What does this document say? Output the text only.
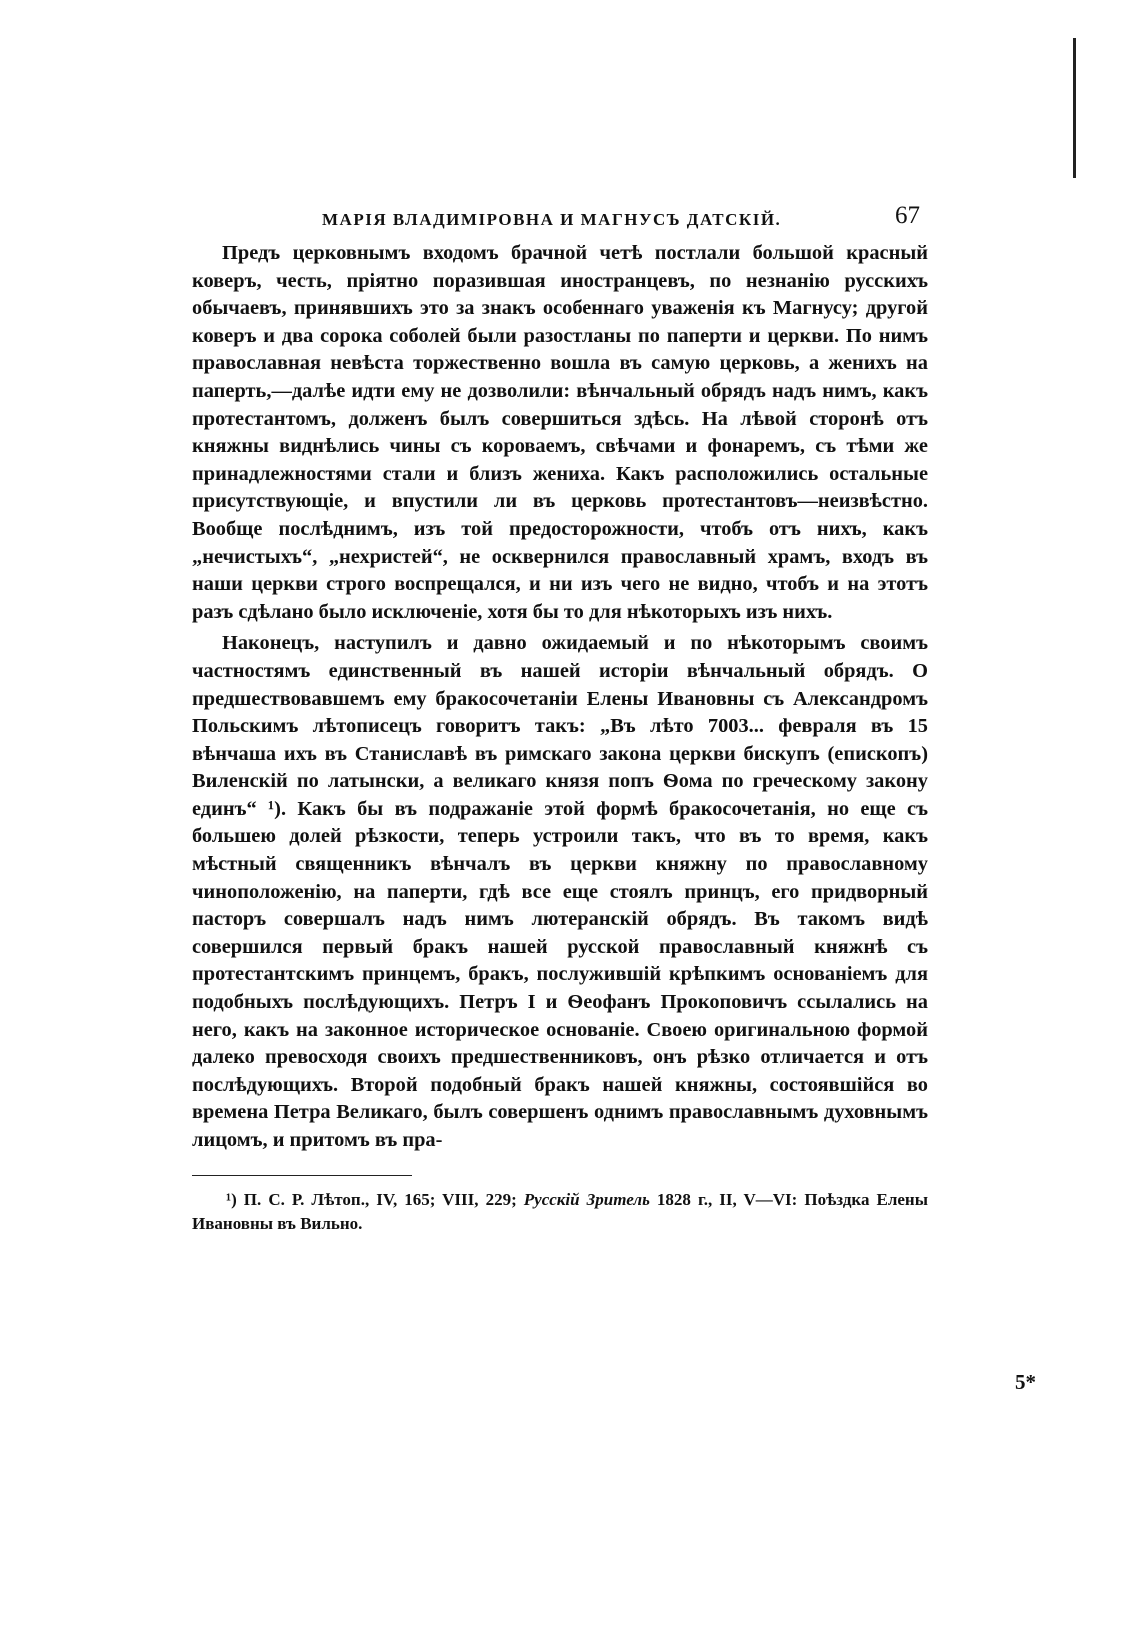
МАРІЯ ВЛАДИМІРОВНА И МАГНУСЪ ДАТСКІЙ.	67

Предъ церковнымъ входомъ брачной четѣ постлали большой красный коверъ, честь, пріятно поразившая иностранцевъ, по незнанію русскихъ обычаевъ, принявшихъ это за знакъ особеннаго уваженія къ Магнусу; другой коверъ и два сорока соболей были разостланы по паперти и церкви. По нимъ православная невѣста торжественно вошла въ самую церковь, а женихъ на паперть,—далѣе идти ему не дозволили: вѣнчальный обрядъ надъ нимъ, какъ протестантомъ, долженъ былъ совершиться здѣсь. На лѣвой сторонѣ отъ княжны виднѣлись чины съ короваемъ, свѣчами и фонаремъ, съ тѣми же принадлежностями стали и близъ жениха. Какъ расположились остальные присутствующіе, и впустили ли въ церковь протестантовъ—неизвѣстно. Вообще послѣднимъ, изъ той предосторожности, чтобъ отъ нихъ, какъ „нечистыхъ“, „нехристей“, не осквернился православный храмъ, входъ въ наши церкви строго воспрещался, и ни изъ чего не видно, чтобъ и на этотъ разъ сдѣлано было исключеніе, хотя бы то для нѣкоторыхъ изъ нихъ.

Наконецъ, наступилъ и давно ожидаемый и по нѣкоторымъ своимъ частностямъ единственный въ нашей исторіи вѣнчальный обрядъ. О предшествовавшемъ ему бракосочетаніи Елены Ивановны съ Александромъ Польскимъ лѣтописецъ говоритъ такъ: „Въ лѣто 7003... февраля въ 15 вѣнчаша ихъ въ Станиславѣ въ римскаго закона церкви бискупъ (епископъ) Виленскій по латынски, а великаго князя попъ Ѳома по греческому закону единъ“ ¹). Какъ бы въ подражаніе этой формѣ бракосочетанія, но еще съ большею долей рѣзкости, теперь устроили такъ, что въ то время, какъ мѣстный священникъ вѣнчалъ въ церкви княжну по православному чиноположенію, на паперти, гдѣ все еще стоялъ принцъ, его придворный пасторъ совершалъ надъ нимъ лютеранскій обрядъ. Въ такомъ видѣ совершился первый бракъ нашей русской православный княжнѣ съ протестантскимъ принцемъ, бракъ, послужившій крѣпкимъ основаніемъ для подобныхъ послѣдующихъ. Петръ I и Ѳеофанъ Прокоповичъ ссылались на него, какъ на законное историческое основаніе. Своею оригинальною формой далеко превосходя своихъ предшественниковъ, онъ рѣзко отличается и отъ послѣдующихъ. Второй подобный бракъ нашей княжны, состоявшійся во времена Петра Великаго, былъ совершенъ однимъ православнымъ духовнымъ лицомъ, и притомъ въ пра-

¹) П. С. Р. Лѣтоп., IV, 165; VIII, 229; Русскій Зритель 1828 г., II, V—VI: Поѣздка Елены Ивановны въ Вильно.

5*
